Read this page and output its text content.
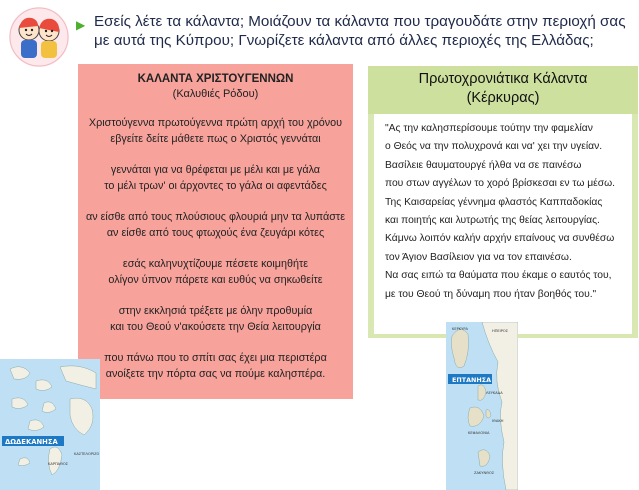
▶ Εσείς λέτε τα κάλαντα; Μοιάζουν τα κάλαντα που τραγουδάτε στην περιοχή σας
με αυτά της Κύπρου; Γνωρίζετε κάλαντα από άλλες περιοχές της Ελλάδας;
ΚΑΛΑΝΤΑ ΧΡΙΣΤΟΥΓΕΝΝΩΝ
(Καλυθιές Ρόδου)
Χριστούγεννα πρωτούγεννα πρώτη αρχή του χρόνου
εβγείτε δείτε μάθετε πως ο Χριστός γεννάται
γεννάται για να θρέφεται με μέλι και με γάλα
το μέλι τρων' οι άρχοντες το γάλα οι αφεντάδες
αν είσθε από τους πλούσιους φλουριά μην τα λυπάστε
αν είσθε από τους φτωχούς ένα ζευγάρι κότες
εσάς καληνυχτίζουμε πέσετε κοιμηθήτε
ολίγον ύπνον πάρετε και ευθύς να σηκωθείτε
στην εκκλησιά τρέξετε με όλην προθυμία
και του Θεού ν'ακούσετε την Θεία λειτουργία
που πάνω που το σπίτι σας έχει μια περιστέρα
ανοίξετε την πόρτα σας να πούμε καλησπέρα.
Πρωτοχρονιάτικα Κάλαντα
(Κέρκυρας)
"Ας την καλησπερίσουμε τούτην την φαμελίαν
ο Θεός να την πολυχρονά και να' χει την υγείαν.
Βασίλειε θαυματουργέ ήλθα να σε παινέσω
που στων αγγέλων το χορό βρίσκεσαι εν τω μέσω.
Της Καισαρείας γέννημα φλαστός Καππαδοκίας
και ποιητής και λυτρωτής της θείας λειτουργίας.
Κάμνω λοιπόν καλήν αρχήν επαίνους να συνθέσω
τον Άγιον Βασίλειον για να τον επαινέσω.
Να σας ειπώ τα θαύματα που έκαμε ο εαυτός του,
με του Θεού τη δύναμη που ήταν βοηθός του."
ΔΩΔΕΚΑΝΗΣΑ
ΚΑΡΠΑΘΟΣ
ΚΑΣΤΕΛΟΡΙΖΟ
ΕΠΤΑΝΗΣΑ
ΚΕΡΚΥΡΑ	ΗΠΕΙΡΟΣ
ΛΕΥΚΑΔΑ
ΚΕΦΑΛΟΝΙΑ
ΙΘΑΚΗ
ΖΑΚΥΝΘΟΣ
